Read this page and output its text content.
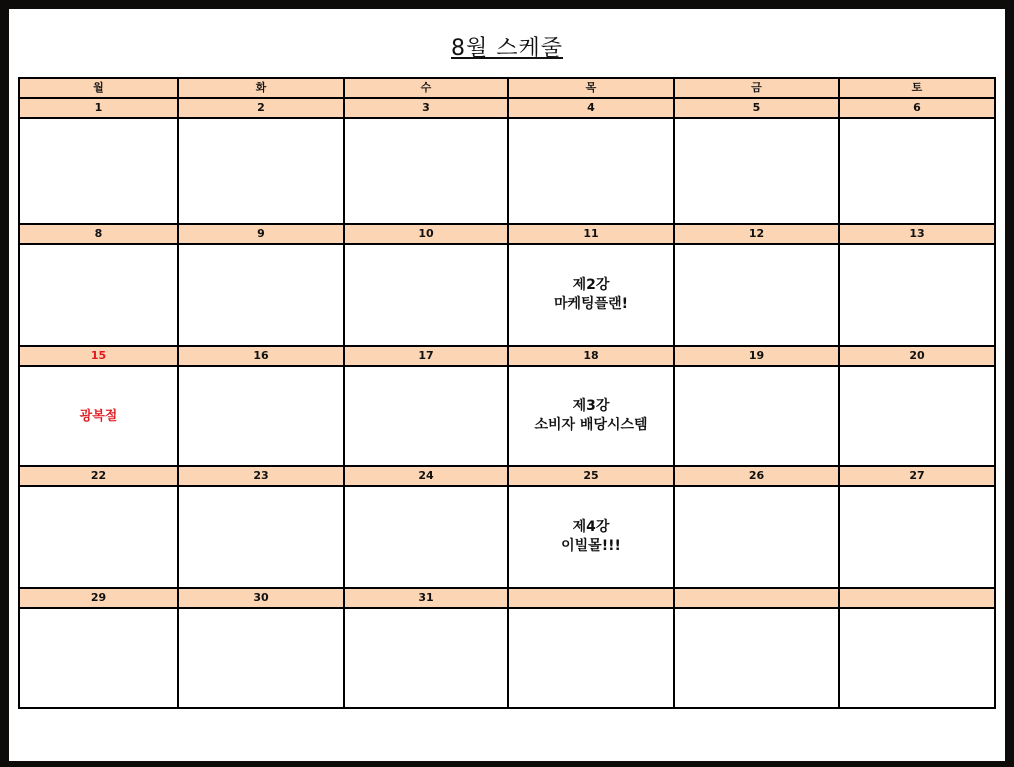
8월 스케줄
월	화	수	목	금	토
1	2	3	4	5	6

8	9	10	11	12	13

			제2강
마케팅플랜!		

15	16	17	18	19	20

광복절			제3강
소비자 배당시스템		

22	23	24	25	26	27

			제4강
이빌몰!!!		

29	30	31			
